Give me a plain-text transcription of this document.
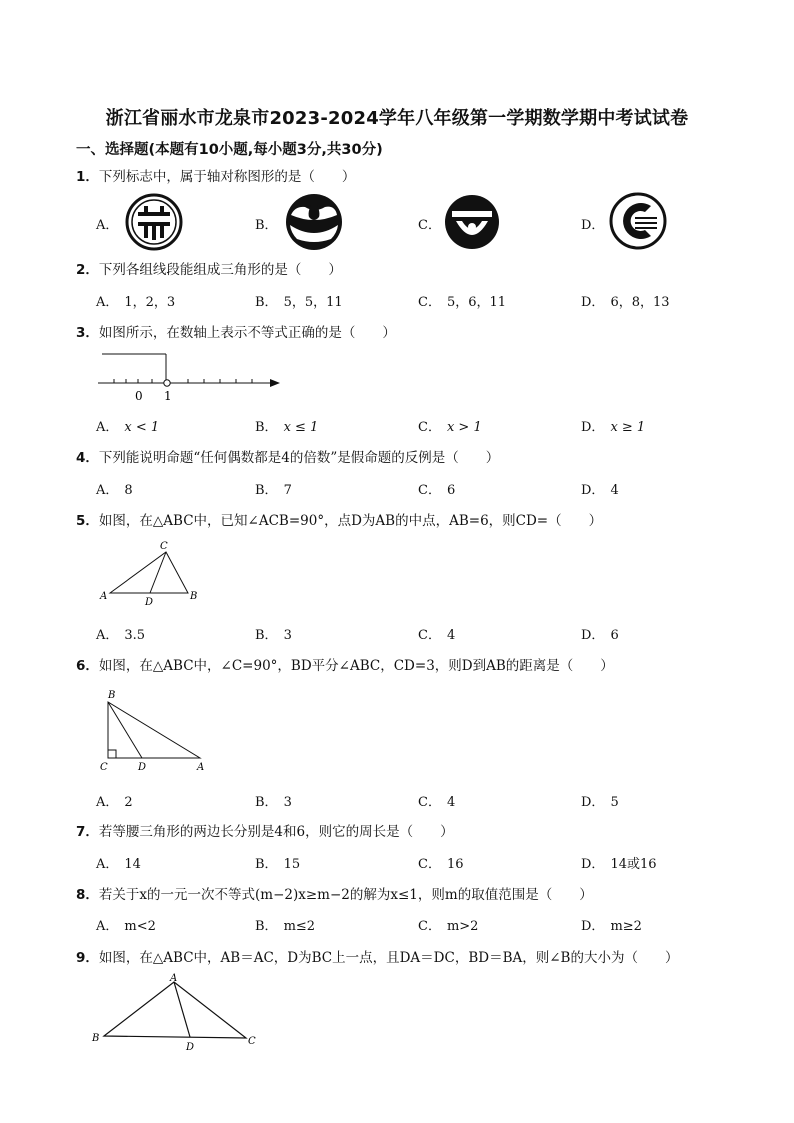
浙江省丽水市龙泉市2023-2024学年八年级第一学期数学期中考试试卷
一、选择题(本题有10小题,每小题3分,共30分)
1．下列标志中，属于轴对称图形的是（　　）
A．	B．	C．	D．
2．下列各组线段能组成三角形的是（　　）
A． 1，2，3	B． 5，5，11	C． 5，6，11	D． 6，8，13
3．如图所示，在数轴上表示不等式正确的是（　　）
0 1
A． x < 1	B． x ≤ 1	C． x > 1	D． x ≥ 1
4．下列能说明命题“任何偶数都是4的倍数”是假命题的反例是（　　）
A． 8	B． 7	C． 6	D． 4
5．如图，在△ABC中，已知∠ACB=90°，点D为AB的中点，AB=6，则CD=（　　）
C
A
D
B
A． 3.5	B． 3	C． 4	D． 6
6．如图，在△ABC中，∠C=90°，BD平分∠ABC，CD=3，则D到AB的距离是（　　）
B
C	D	A
A． 2	B． 3	C． 4	D． 5
7．若等腰三角形的两边长分别是4和6，则它的周长是（　　）
A． 14	B． 15	C． 16	D． 14或16
8．若关于x的一元一次不等式(m−2)x≥m−2的解为x≤1，则m的取值范围是（　　）
A． m<2	B． m≤2	C． m>2	D． m≥2
9．如图，在△ABC中，AB＝AC，D为BC上一点，且DA＝DC，BD＝BA，则∠B的大小为（　　）
A
B
D
C
